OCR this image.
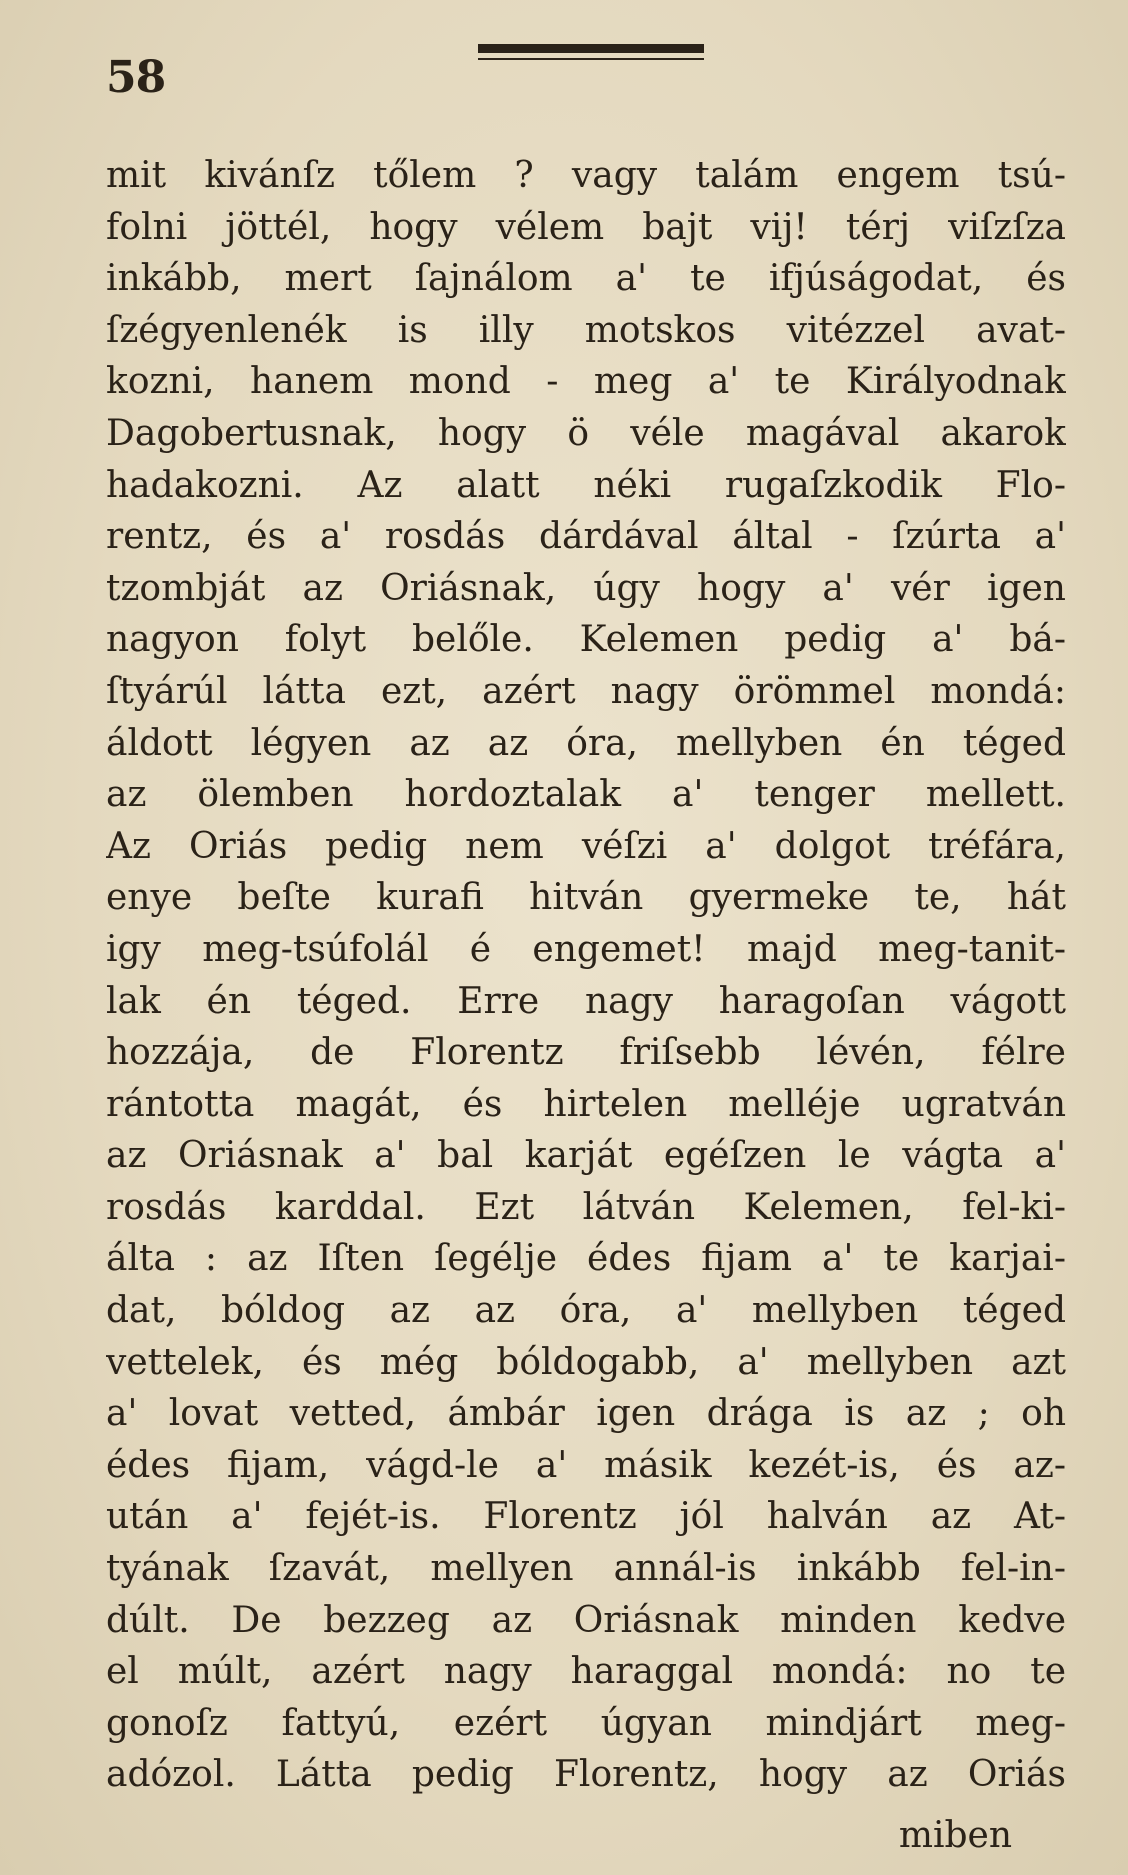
58
mit kivánſz tőlem ? vagy talám engem tsú-
folni jöttél, hogy vélem bajt vij! térj viſzſza
inkább, mert ſajnálom a' te ifjúságodat, és
ſzégyenlenék is illy motskos vitézzel avat-
kozni, hanem mond - meg a' te Királyodnak
Dagobertusnak, hogy ö véle magával akarok
hadakozni. Az alatt néki rugaſzkodik Flo-
rentz, és a' rosdás dárdával által - ſzúrta a'
tzombját az Oriásnak, úgy hogy a' vér igen
nagyon folyt belőle. Kelemen pedig a' bá-
ſtyárúl látta ezt, azért nagy örömmel mondá:
áldott légyen az az óra, mellyben én téged
az ölemben hordoztalak a' tenger mellett.
Az Oriás pedig nem véſzi a' dolgot tréfára,
enye beſte kurafi hitván gyermeke te, hát
igy meg-tsúfolál é engemet! majd meg-tanit-
lak én téged. Erre nagy haragoſan vágott
hozzája, de Florentz friſsebb lévén, félre
rántotta magát, és hirtelen melléje ugratván
az Oriásnak a' bal karját egéſzen le vágta a'
rosdás karddal. Ezt látván Kelemen, fel-ki-
álta : az Iſten ſegélje édes fijam a' te karjai-
dat, bóldog az az óra, a' mellyben téged
vettelek, és még bóldogabb, a' mellyben azt
a' lovat vetted, ámbár igen drága is az ; oh
édes fijam, vágd-le a' másik kezét-is, és az-
után a' fejét-is. Florentz jól halván az At-
tyának ſzavát, mellyen annál-is inkább fel-in-
dúlt. De bezzeg az Oriásnak minden kedve
el múlt, azért nagy haraggal mondá: no te
gonoſz fattyú, ezért úgyan mindjárt meg-
adózol. Látta pedig Florentz, hogy az Oriás
miben
